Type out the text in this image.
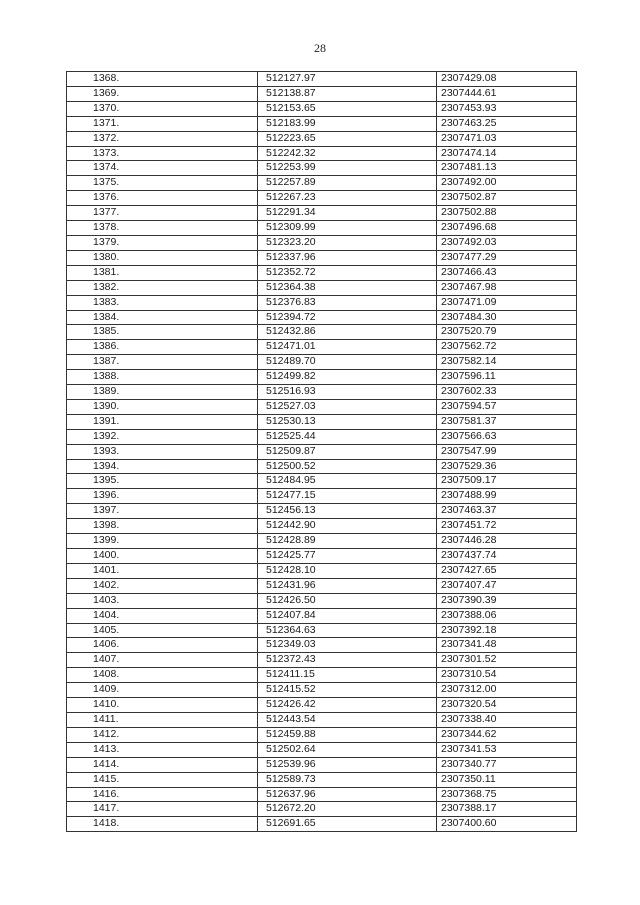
28
1368.	512127.97	2307429.08
1369.	512138.87	2307444.61
1370.	512153.65	2307453.93
1371.	512183.99	2307463.25
1372.	512223.65	2307471.03
1373.	512242.32	2307474.14
1374.	512253.99	2307481.13
1375.	512257.89	2307492.00
1376.	512267.23	2307502.87
1377.	512291.34	2307502.88
1378.	512309.99	2307496.68
1379.	512323.20	2307492.03
1380.	512337.96	2307477.29
1381.	512352.72	2307466.43
1382.	512364.38	2307467.98
1383.	512376.83	2307471.09
1384.	512394.72	2307484.30
1385.	512432.86	2307520.79
1386.	512471.01	2307562.72
1387.	512489.70	2307582.14
1388.	512499.82	2307596.11
1389.	512516.93	2307602.33
1390.	512527.03	2307594.57
1391.	512530.13	2307581.37
1392.	512525.44	2307566.63
1393.	512509.87	2307547.99
1394.	512500.52	2307529.36
1395.	512484.95	2307509.17
1396.	512477.15	2307488.99
1397.	512456.13	2307463.37
1398.	512442.90	2307451.72
1399.	512428.89	2307446.28
1400.	512425.77	2307437.74
1401.	512428.10	2307427.65
1402.	512431.96	2307407.47
1403.	512426.50	2307390.39
1404.	512407.84	2307388.06
1405.	512364.63	2307392.18
1406.	512349.03	2307341.48
1407.	512372.43	2307301.52
1408.	512411.15	2307310.54
1409.	512415.52	2307312.00
1410.	512426.42	2307320.54
1411.	512443.54	2307338.40
1412.	512459.88	2307344.62
1413.	512502.64	2307341.53
1414.	512539.96	2307340.77
1415.	512589.73	2307350.11
1416.	512637.96	2307368.75
1417.	512672.20	2307388.17
1418.	512691.65	2307400.60
